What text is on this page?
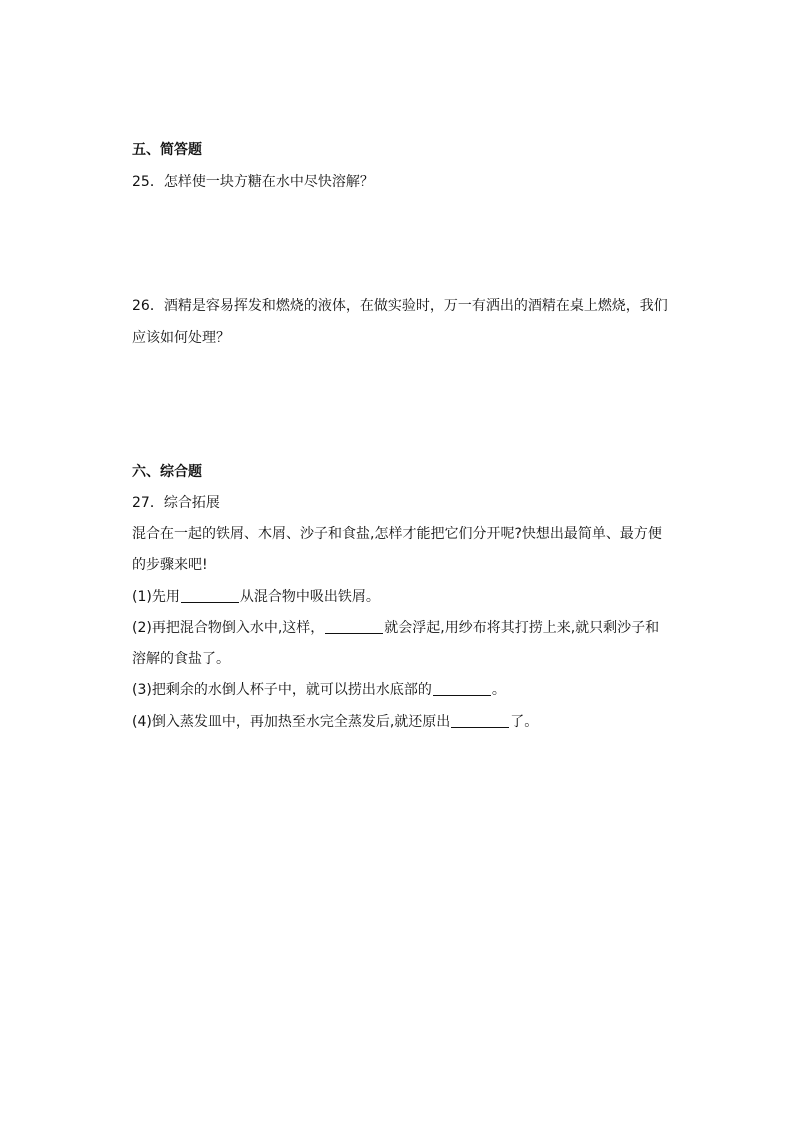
五、简答题
25．怎样使一块方糖在水中尽快溶解？
26．酒精是容易挥发和燃烧的液体，在做实验时，万一有洒出的酒精在桌上燃烧，我们
应该如何处理？
六、综合题
27．综合拓展
混合在一起的铁屑、木屑、沙子和食盐,怎样才能把它们分开呢?快想出最简单、最方便
的步骤来吧!
(1)先用	从混合物中吸出铁屑。
(2)再把混合物倒入水中,这样，	就会浮起,用纱布将其打捞上来,就只剩沙子和
溶解的食盐了。
(3)把剩余的水倒人杯子中，就可以捞出水底部的	。
(4)倒入蒸发皿中，再加热至水完全蒸发后,就还原出	了。
